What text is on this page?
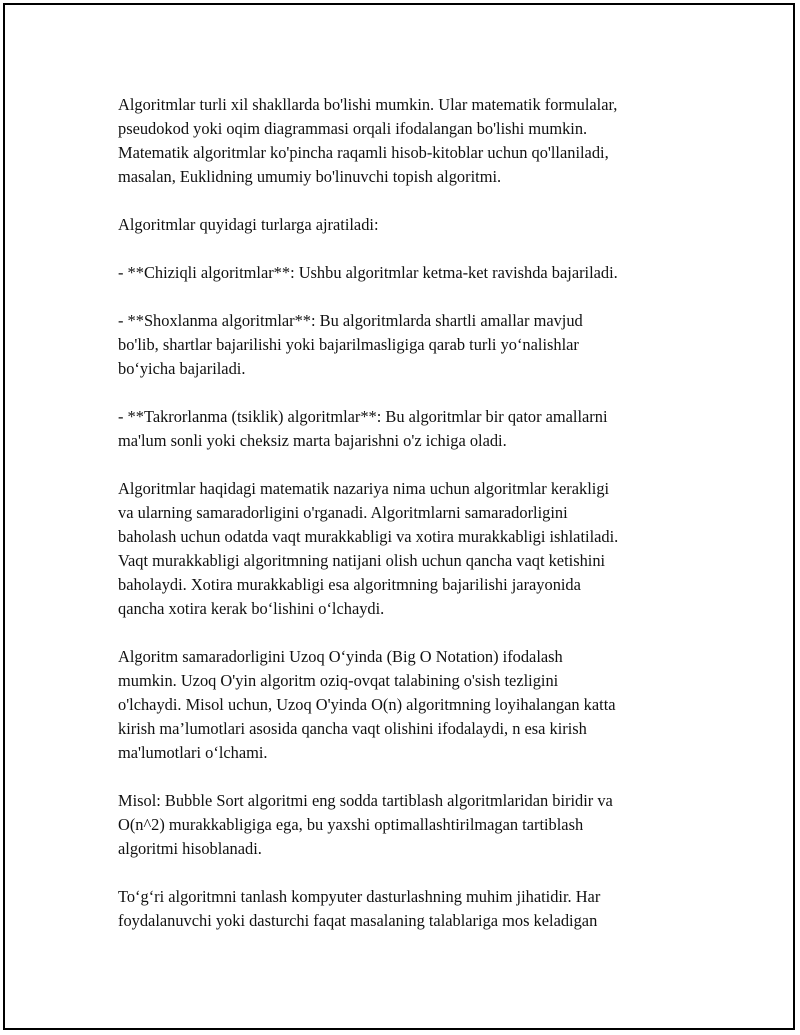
Algoritmlar turli xil shakllarda bo'lishi mumkin. Ular matematik formulalar,
pseudokod yoki oqim diagrammasi orqali ifodalangan bo'lishi mumkin.
Matematik algoritmlar ko'pincha raqamli hisob-kitoblar uchun qo'llaniladi,
masalan, Euklidning umumiy bo'linuvchi topish algoritmi.

Algoritmlar quyidagi turlarga ajratiladi:

- **Chiziqli algoritmlar**: Ushbu algoritmlar ketma-ket ravishda bajariladi.

- **Shoxlanma algoritmlar**: Bu algoritmlarda shartli amallar mavjud
bo'lib, shartlar bajarilishi yoki bajarilmasligiga qarab turli yo‘nalishlar
bo‘yicha bajariladi.

- **Takrorlanma (tsiklik) algoritmlar**: Bu algoritmlar bir qator amallarni
ma'lum sonli yoki cheksiz marta bajarishni o'z ichiga oladi.

Algoritmlar haqidagi matematik nazariya nima uchun algoritmlar kerakligi
va ularning samaradorligini o'rganadi. Algoritmlarni samaradorligini
baholash uchun odatda vaqt murakkabligi va xotira murakkabligi ishlatiladi.
Vaqt murakkabligi algoritmning natijani olish uchun qancha vaqt ketishini
baholaydi. Xotira murakkabligi esa algoritmning bajarilishi jarayonida
qancha xotira kerak bo‘lishini o‘lchaydi.

Algoritm samaradorligini Uzoq O‘yinda (Big O Notation) ifodalash
mumkin. Uzoq O'yin algoritm oziq-ovqat talabining o'sish tezligini
o'lchaydi. Misol uchun, Uzoq O'yinda O(n) algoritmning loyihalangan katta
kirish ma’lumotlari asosida qancha vaqt olishini ifodalaydi, n esa kirish
ma'lumotlari o‘lchami.

Misol: Bubble Sort algoritmi eng sodda tartiblash algoritmlaridan biridir va
O(n^2) murakkabligiga ega, bu yaxshi optimallashtirilmagan tartiblash
algoritmi hisoblanadi.

To‘g‘ri algoritmni tanlash kompyuter dasturlashning muhim jihatidir. Har
foydalanuvchi yoki dasturchi faqat masalaning talablariga mos keladigan
